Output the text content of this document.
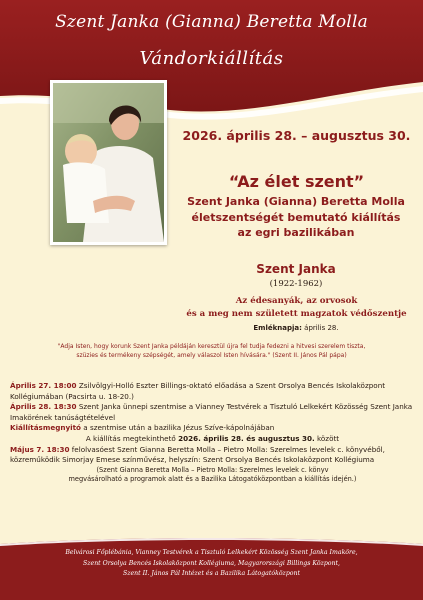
Szent Janka (Gianna) Beretta Molla
Vándorkiállítás
2026. április 28. – augusztus 30.
“Az élet szent”
Szent Janka (Gianna) Beretta Molla
életszentségét bemutató kiállítás
az egri bazilikában
Szent Janka
(1922-1962)
Az édesanyák, az orvosok
és a meg nem született magzatok védőszentje
Emléknapja: április 28.
"Adja Isten, hogy korunk Szent Janka példáján keresztül újra fel tudja fedezni a hitvesi szerelem tiszta,
szüzies és termékeny szépségét, amely válaszol Isten hívására." (Szent II. János Pál pápa)

Április 27. 18:00 Zsilvölgyi-Holló Eszter Billings-oktató előadása a Szent Orsolya Bencés Iskolaközpont Kollégiumában (Pacsirta u. 18-20.)

Április 28. 18:30 Szent Janka ünnepi szentmise a Vianney Testvérek a Tisztuló Lelkekért Közösség Szent Janka Imakörének tanúságtételével

Kiállításmegnyitó a szentmise után a bazilika Jézus Szíve-kápolnájában

A kiállítás megtekinthető 2026. április 28. és augusztus 30. között

Május 7. 18:30 felolvasóest Szent Gianna Beretta Molla – Pietro Molla: Szerelmes levelek c. könyvéből, közreműködik Simorjay Emese színművész, helyszín: Szent Orsolya Bencés Iskolaközpont Kollégiuma

(Szent Gianna Beretta Molla – Pietro Molla: Szerelmes levelek c. könyv
megvásárolható a programok alatt és a Bazilika Látogatóközpontban a kiállítás idején.)

Belvárosi Főplébánia, Vianney Testvérek a Tisztuló Lelkekért Közösség Szent Janka Imaköre,
Szent Orsolya Bencés Iskolaközpont Kollégiuma, Magyarországi Billings Központ,
Szent II. János Pál Intézet és a Bazilika Látogatóközpont
